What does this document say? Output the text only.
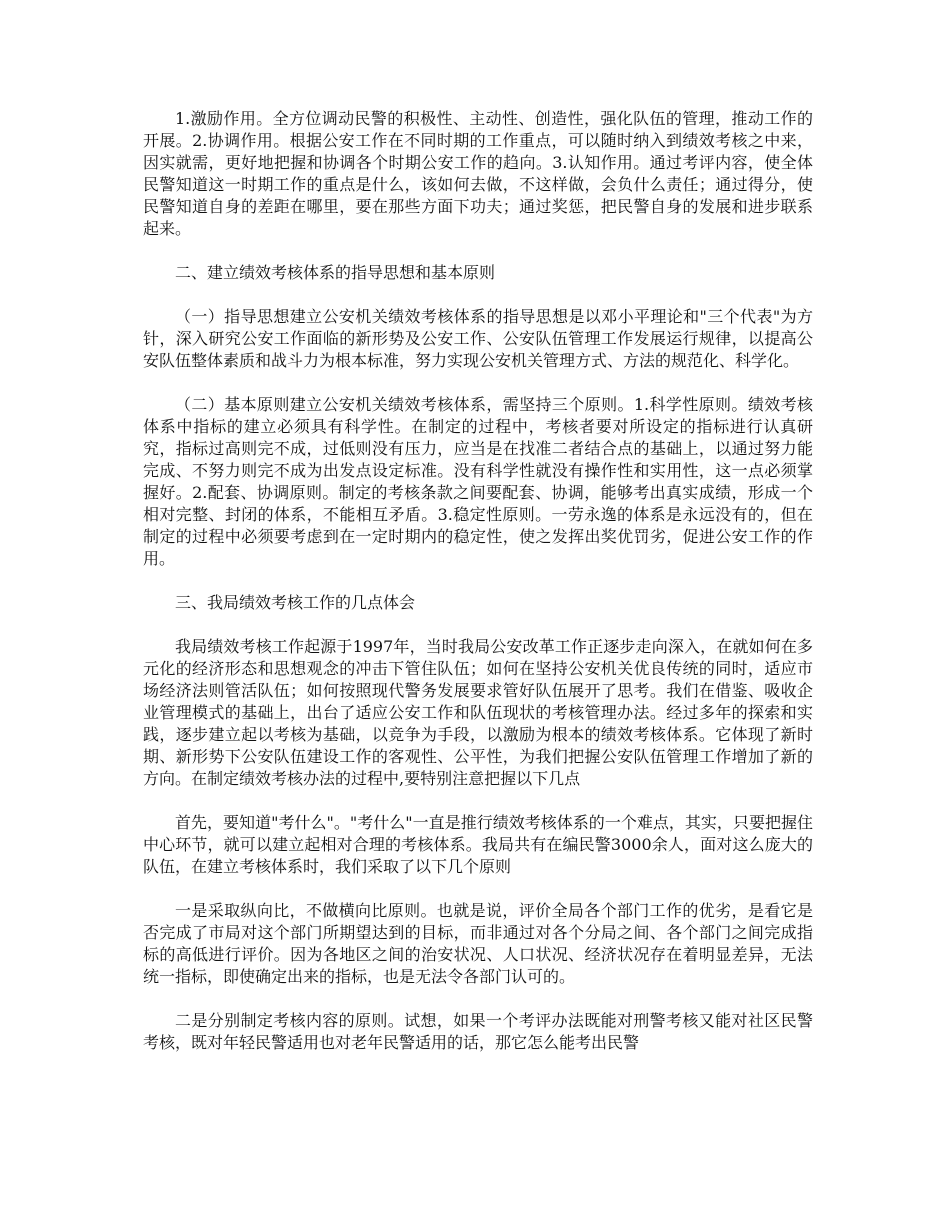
1.激励作用。全方位调动民警的积极性、主动性、创造性，强化队伍的管理，推动工作的开展。2.协调作用。根据公安工作在不同时期的工作重点，可以随时纳入到绩效考核之中来，因实就需，更好地把握和协调各个时期公安工作的趋向。3.认知作用。通过考评内容，使全体民警知道这一时期工作的重点是什么，该如何去做，不这样做，会负什么责任；通过得分，使民警知道自身的差距在哪里，要在那些方面下功夫；通过奖惩，把民警自身的发展和进步联系起来。

二、建立绩效考核体系的指导思想和基本原则

（一）指导思想建立公安机关绩效考核体系的指导思想是以邓小平理论和"三个代表"为方针，深入研究公安工作面临的新形势及公安工作、公安队伍管理工作发展运行规律，以提高公安队伍整体素质和战斗力为根本标准，努力实现公安机关管理方式、方法的规范化、科学化。

（二）基本原则建立公安机关绩效考核体系，需坚持三个原则。1.科学性原则。绩效考核体系中指标的建立必须具有科学性。在制定的过程中，考核者要对所设定的指标进行认真研究，指标过高则完不成，过低则没有压力，应当是在找准二者结合点的基础上，以通过努力能完成、不努力则完不成为出发点设定标准。没有科学性就没有操作性和实用性，这一点必须掌握好。2.配套、协调原则。制定的考核条款之间要配套、协调，能够考出真实成绩，形成一个相对完整、封闭的体系，不能相互矛盾。3.稳定性原则。一劳永逸的体系是永远没有的，但在制定的过程中必须要考虑到在一定时期内的稳定性，使之发挥出奖优罚劣，促进公安工作的作用。

三、我局绩效考核工作的几点体会

我局绩效考核工作起源于1997年，当时我局公安改革工作正逐步走向深入，在就如何在多元化的经济形态和思想观念的冲击下管住队伍；如何在坚持公安机关优良传统的同时，适应市场经济法则管活队伍；如何按照现代警务发展要求管好队伍展开了思考。我们在借鉴、吸收企业管理模式的基础上，出台了适应公安工作和队伍现状的考核管理办法。经过多年的探索和实践，逐步建立起以考核为基础，以竞争为手段，以激励为根本的绩效考核体系。它体现了新时期、新形势下公安队伍建设工作的客观性、公平性，为我们把握公安队伍管理工作增加了新的方向。在制定绩效考核办法的过程中,要特别注意把握以下几点

首先，要知道"考什么"。"考什么"一直是推行绩效考核体系的一个难点，其实，只要把握住中心环节，就可以建立起相对合理的考核体系。我局共有在编民警3000余人，面对这么庞大的队伍，在建立考核体系时，我们采取了以下几个原则

一是采取纵向比，不做横向比原则。也就是说，评价全局各个部门工作的优劣，是看它是否完成了市局对这个部门所期望达到的目标，而非通过对各个分局之间、各个部门之间完成指标的高低进行评价。因为各地区之间的治安状况、人口状况、经济状况存在着明显差异，无法统一指标，即使确定出来的指标，也是无法令各部门认可的。

二是分别制定考核内容的原则。试想，如果一个考评办法既能对刑警考核又能对社区民警考核，既对年轻民警适用也对老年民警适用的话，那它怎么能考出民警
